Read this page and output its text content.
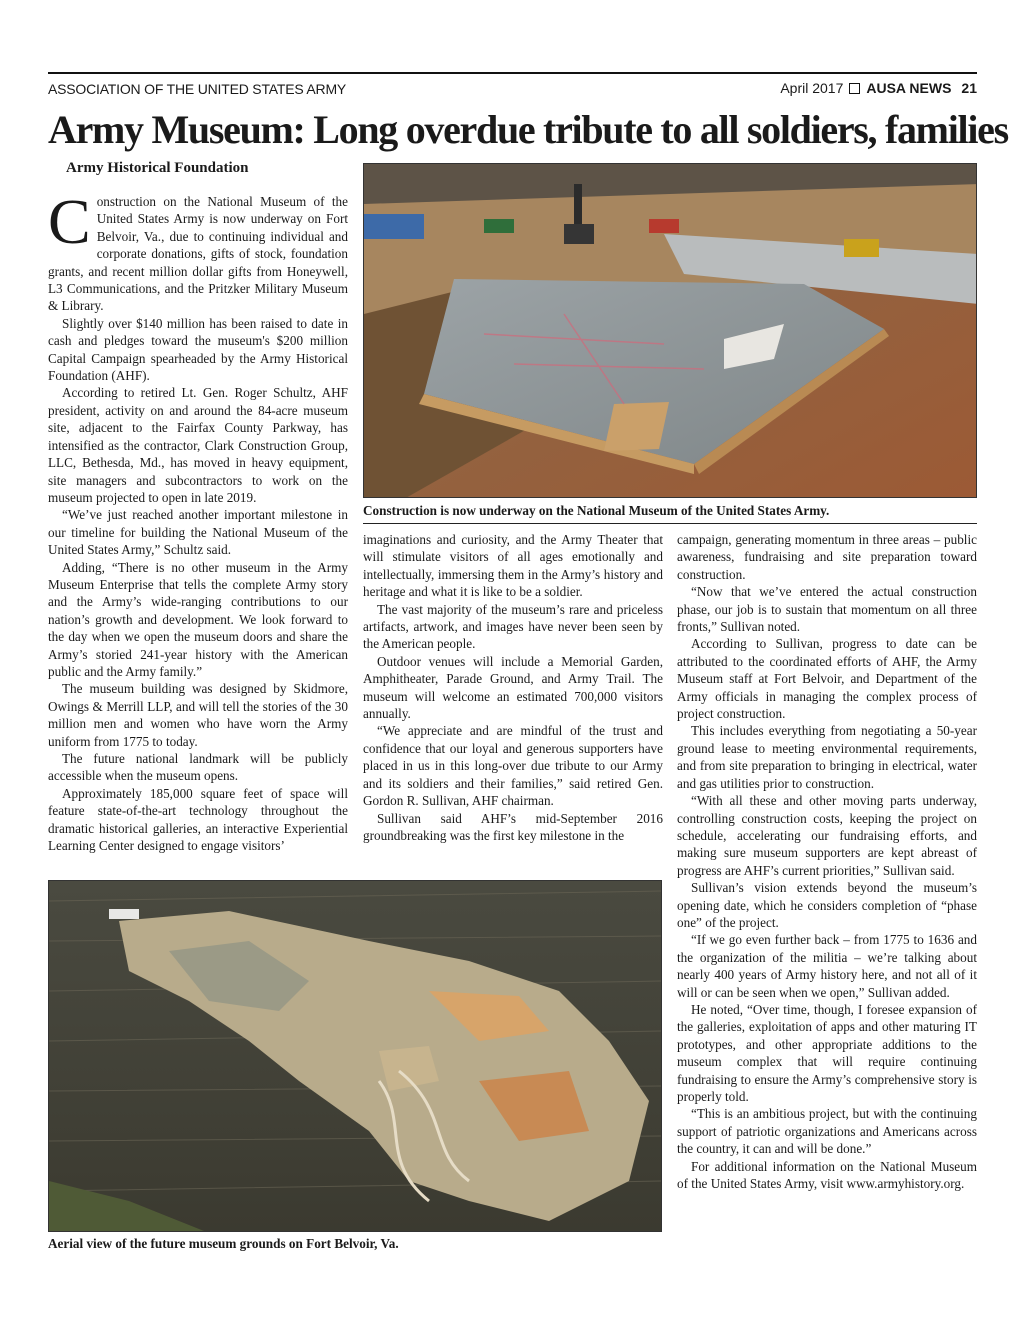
ASSOCIATION OF THE UNITED STATES ARMY	April 2017 AUSA NEWS 21
Army Museum: Long overdue tribute to all soldiers, families
Army Historical Foundation

Construction on the National Museum of the United States Army is now underway on Fort Belvoir, Va., due to continuing individual and corporate donations, gifts of stock, foundation grants, and recent million dollar gifts from Honeywell, L3 Communications, and the Pritzker Military Museum & Library.

Slightly over $140 million has been raised to date in cash and pledges toward the museum's $200 million Capital Campaign spearheaded by the Army Historical Foundation (AHF).

According to retired Lt. Gen. Roger Schultz, AHF president, activity on and around the 84-acre museum site, adjacent to the Fairfax County Parkway, has intensified as the contractor, Clark Construction Group, LLC, Bethesda, Md., has moved in heavy equipment, site managers and subcontractors to work on the museum projected to open in late 2019.

“We’ve just reached another important milestone in our timeline for building the National Museum of the United States Army,” Schultz said.

Adding, “There is no other museum in the Army Museum Enterprise that tells the complete Army story and the Army’s wide-ranging contributions to our nation’s growth and development. We look forward to the day when we open the museum doors and share the Army’s storied 241-year history with the American public and the Army family.”

The museum building was designed by Skidmore, Owings & Merrill LLP, and will tell the stories of the 30 million men and women who have worn the Army uniform from 1775 to today.

The future national landmark will be publicly accessible when the museum opens.

Approximately 185,000 square feet of space will feature state-of-the-art technology throughout the dramatic historical galleries, an interactive Experiential Learning Center designed to engage visitors’

Construction is now underway on the National Museum of the United States Army.

imaginations and curiosity, and the Army Theater that will stimulate visitors of all ages emotionally and intellectually, immersing them in the Army’s history and heritage and what it is like to be a soldier.

The vast majority of the museum’s rare and priceless artifacts, artwork, and images have never been seen by the American people.

Outdoor venues will include a Memorial Garden, Amphitheater, Parade Ground, and Army Trail. The museum will welcome an estimated 700,000 visitors annually.

“We appreciate and are mindful of the trust and confidence that our loyal and generous supporters have placed in us in this long-over due tribute to our Army and its soldiers and their families,” said retired Gen. Gordon R. Sullivan, AHF chairman.

Sullivan said AHF’s mid-September 2016 groundbreaking was the first key milestone in the

campaign, generating momentum in three areas – public awareness, fundraising and site preparation toward construction.

“Now that we’ve entered the actual construction phase, our job is to sustain that momentum on all three fronts,” Sullivan noted.

According to Sullivan, progress to date can be attributed to the coordinated efforts of AHF, the Army Museum staff at Fort Belvoir, and Department of the Army officials in managing the complex process of project construction.

This includes everything from negotiating a 50-year ground lease to meeting environmental requirements, and from site preparation to bringing in electrical, water and gas utilities prior to construction.

“With all these and other moving parts underway, controlling construction costs, keeping the project on schedule, accelerating our fundraising efforts, and making sure museum supporters are kept abreast of progress are AHF’s current priorities,” Sullivan said.

Sullivan’s vision extends beyond the museum’s opening date, which he considers completion of “phase one” of the project.

“If we go even further back – from 1775 to 1636 and the organization of the militia – we’re talking about nearly 400 years of Army history here, and not all of it will or can be seen when we open,” Sullivan added.

He noted, “Over time, though, I foresee expansion of the galleries, exploitation of apps and other maturing IT prototypes, and other appropriate additions to the museum complex that will require continuing fundraising to ensure the Army’s comprehensive story is properly told.

“This is an ambitious project, but with the continuing support of patriotic organizations and Americans across the country, it can and will be done.”

For additional information on the National Museum of the United States Army, visit www.armyhistory.org.

Aerial view of the future museum grounds on Fort Belvoir, Va.
